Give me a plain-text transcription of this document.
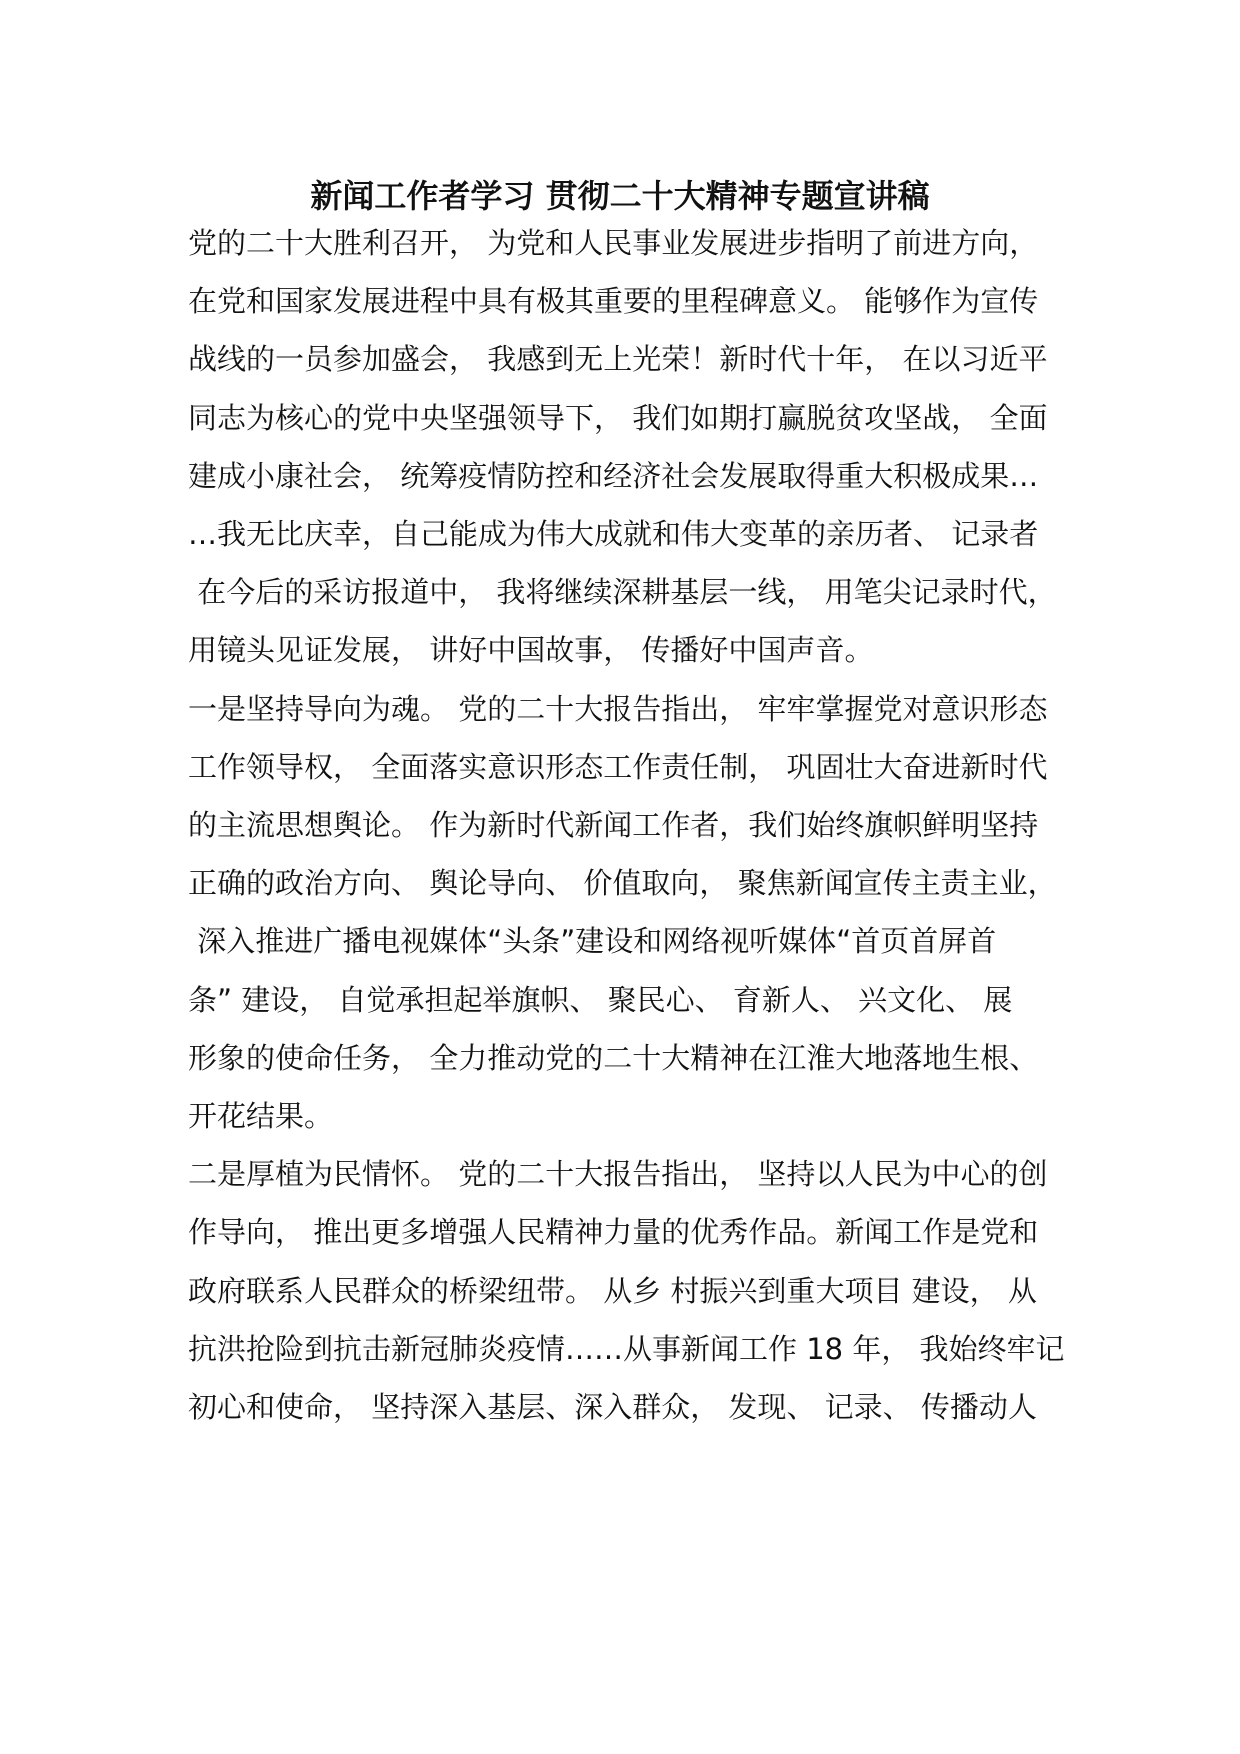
新闻工作者学习 贯彻二十大精神专题宣讲稿
党的二十大胜利召开， 为党和人民事业发展进步指明了前进方向，
在党和国家发展进程中具有极其重要的里程碑意义。 能够作为宣传
战线的一员参加盛会， 我感到无上光荣！新时代十年， 在以习近平
同志为核心的党中央坚强领导下， 我们如期打赢脱贫攻坚战， 全面
建成小康社会， 统筹疫情防控和经济社会发展取得重大积极成果…
…我无比庆幸，自己能成为伟大成就和伟大变革的亲历者、 记录者
在今后的采访报道中， 我将继续深耕基层一线， 用笔尖记录时代，
用镜头见证发展， 讲好中国故事， 传播好中国声音。
一是坚持导向为魂。 党的二十大报告指出， 牢牢掌握党对意识形态
工作领导权， 全面落实意识形态工作责任制， 巩固壮大奋进新时代
的主流思想舆论。 作为新时代新闻工作者，我们始终旗帜鲜明坚持
正确的政治方向、 舆论导向、 价值取向， 聚焦新闻宣传主责主业，
深入推进广播电视媒体“头条”建设和网络视听媒体“首页首屏首
条” 建设， 自觉承担起举旗帜、 聚民心、 育新人、 兴文化、 展
形象的使命任务， 全力推动党的二十大精神在江淮大地落地生根、
开花结果。
二是厚植为民情怀。 党的二十大报告指出， 坚持以人民为中心的创
作导向， 推出更多增强人民精神力量的优秀作品。新闻工作是党和
政府联系人民群众的桥梁纽带。 从乡 村振兴到重大项目 建设， 从
抗洪抢险到抗击新冠肺炎疫情……从事新闻工作 18 年， 我始终牢记
初心和使命， 坚持深入基层、深入群众， 发现、 记录、 传播动人
